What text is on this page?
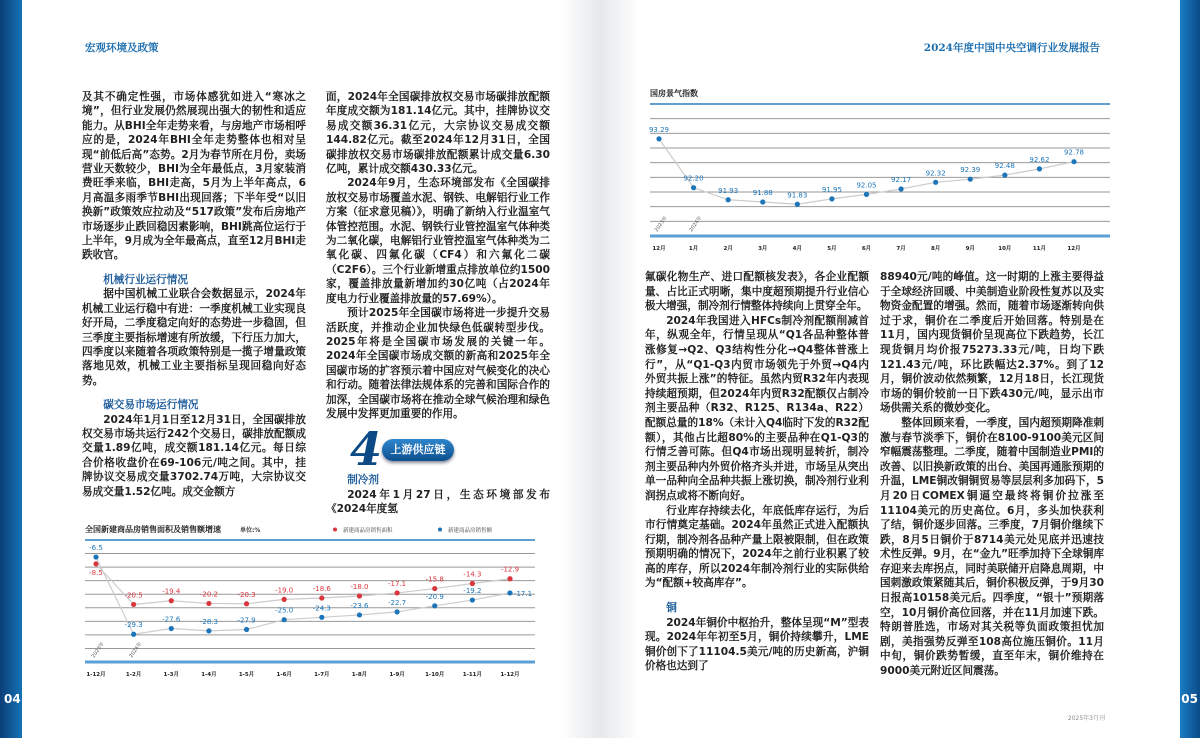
宏观环境及政策	2024年度中国中央空调行业发展报告

及其不确定性强，市场体感犹如进入“寒冰之境”，但行业发展仍然展现出强大的韧性和适应能力。从BHI全年走势来看，与房地产市场相呼应的是，2024年BHI全年走势整体也相对呈现“前低后高”态势。2月为春节所在月份，卖场营业天数较少，BHI为全年最低点，3月家装消费旺季来临，BHI走高，5月为上半年高点，6月高温多雨季节BHI出现回落；下半年受“以旧换新”政策效应拉动及“517政策”发布后房地产市场逐步止跌回稳因素影响，BHI跳高位运行于上半年，9月成为全年最高点，直至12月BHI走跌收官。

机械行业运行情况

据中国机械工业联合会数据显示，2024年机械工业运行稳中有进：一季度机械工业实现良好开局，二季度稳定向好的态势进一步稳固，但三季度主要指标增速有所放缓，下行压力加大，四季度以来随着各项政策特别是一揽子增量政策落地见效，机械工业主要指标呈现回稳向好态势。

碳交易市场运行情况

2024年1月1日至12月31日，全国碳排放权交易市场共运行242个交易日，碳排放配额成交量1.89亿吨，成交额181.14亿元。每日综合价格收盘价在69-106元/吨之间。其中，挂牌协议交易成交量3702.74万吨，大宗协议交易成交量1.52亿吨。成交金额方

面，2024年全国碳排放权交易市场碳排放配额年度成交额为181.14亿元。其中，挂牌协议交易成交额36.31亿元，大宗协议交易成交额144.82亿元。截至2024年12月31日，全国碳排放权交易市场碳排放配额累计成交量6.30亿吨，累计成交额430.33亿元。

2024年9月，生态环境部发布《全国碳排放权交易市场覆盖水泥、钢铁、电解铝行业工作方案（征求意见稿）》，明确了新纳入行业温室气体管控范围。水泥、钢铁行业管控温室气体种类为二氧化碳，电解铝行业管控温室气体种类为二氧化碳、四氟化碳（CF4）和六氟化二碳（C2F6）。三个行业新增重点排放单位约1500家，覆盖排放量新增加约30亿吨（占2024年度电力行业覆盖排放量的57.69%）。

预计2025年全国碳市场将进一步提升交易活跃度，并推动企业加快绿色低碳转型步伐。2025年将是全国碳市场发展的关键一年。2024年全国碳市场成交额的新高和2025年全国碳市场的扩容预示着中国应对气候变化的决心和行动。随着法律法规体系的完善和国际合作的加深，全国碳市场将在推动全球气候治理和绿色发展中发挥更加重要的作用。

4 上游供应链
制冷剂

2024年1月27日，生态环境部发布《2024年度氢

氟碳化物生产、进口配额核发表》，各企业配额量、占比正式明晰，集中度超预期提升行业信心极大增强，制冷剂行情整体持续向上贯穿全年。

2024年我国进入HFCs制冷剂配额削减首年，纵观全年，行情呈现从“Q1各品种整体普涨修复→Q2、Q3结构性分化→Q4整体普涨上行”，从“Q1-Q3内贸市场领先于外贸→Q4内外贸共振上涨”的特征。虽然内贸R32年内表现持续超预期，但2024年内贸R32配额仅占制冷剂主要品种（R32、R125、R134a、R22）配额总量的18%（未计入Q4临时下发的R32配额），其他占比超80%的主要品种在Q1-Q3的行情乏善可陈。但Q4市场出现明显转折，制冷剂主要品种内外贸价格齐头并进，市场呈从突出单一品种向全品种共振上涨切换，制冷剂行业利润拐点或将不断向好。

行业库存持续去化，年底低库存运行，为后市行情奠定基础。2024年虽然正式进入配额执行期，制冷剂各品种产量上限被限制，但在政策预期明确的情况下，2024年之前行业积累了较高的库存，所以2024年制冷剂行业的实际供给为“配额+较高库存”。

铜

2024年铜价中枢抬升，整体呈现“M”型表现。2024年年初至5月，铜价持续攀升，LME铜价创下了11104.5美元/吨的历史新高，沪铜价格也达到了

88940元/吨的峰值。这一时期的上涨主要得益于全球经济回暖、中美制造业阶段性复苏以及实物资金配置的增强。然而，随着市场逐渐转向供过于求，铜价在二季度后开始回落。特别是在11月，国内现货铜价呈现高位下跌趋势，长江现货铜月均价报75273.33元/吨，日均下跌121.43元/吨，环比跌幅达2.37%。到了12月，铜价波动依然频繁，12月18日，长江现货市场的铜价较前一日下跌430元/吨，显示出市场供需关系的微妙变化。

整体回顾来看，一季度，国内超预期降准刺激与春节淡季下，铜价在8100-9100美元区间窄幅震荡整理。二季度，随着中国制造业PMI的改善、以旧换新政策的出台、美国再通胀预期的升温，LME铜改铜铜贸易等层层利多加码下，5月20日COMEX铜逼空最终将铜价拉涨至11104美元的历史高位。6月，多头加快获利了结，铜价逐步回落。三季度，7月铜价继续下跌，8月5日铜价于8714美元处见底并迅速技术性反弹。9月，在“金九”旺季加持下全球铜库存迎来去库拐点，同时美联储开启降息周期，中国刺激政策紧随其后，铜价积极反弹，于9月30日报高10158美元后。四季度，“银十”预期落空，10月铜价高位回落，并在11月加速下跌。特朗普胜选，市场对其关税等负面政策担忧加剧，美指强势反弹至108高位施压铜价。11月中旬，铜价跌势暂缓，直至年末，铜价维持在9000美元附近区间震荡。

全国新建商品房销售面积及销售额增速	单位:%
1-12月	1-2月	1-3月	1-4月	1-5月	1-6月	1-7月	1-8月	1-9月	1-10月	1-11月	1-12月
2023年	2024年
-8.5
-20.5	-19.4	-20.2	-20.3
-19.0	-18.6	-18.0	-17.1
-15.8
-14.3
-12.9
新建商品房销售面积
-6.5
-29.3
-27.6	-28.3	-27.9
-25.0	-24.3	-23.6	-22.7
-20.9
-19.2	-17.1
新建商品房销售额
国房景气指数
12月	1月	2月	3月	4月	5月	6月	7月	8月	9月	10月	11月	12月
2023年	2024年
93.29
92.20
91.93 91.88 91.83
91.95
92.05
92.17
92.32 92.39
92.48
92.62
92.78
04	05
2025年3月刊
